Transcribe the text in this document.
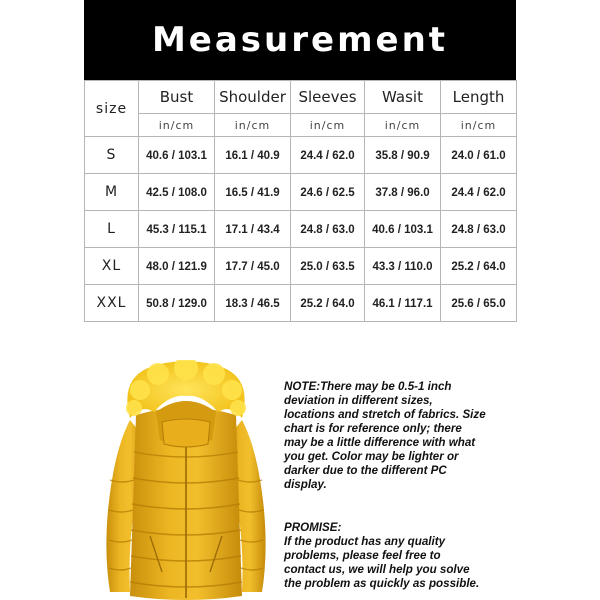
Measurement
size	Bust	Shoulder	Sleeves	Wasit	Length
	in/cm	in/cm	in/cm	in/cm	in/cm
S	40.6 / 103.1	16.1 / 40.9	24.4 / 62.0	35.8 / 90.9	24.0 / 61.0
M	42.5 / 108.0	16.5 / 41.9	24.6 / 62.5	37.8 / 96.0	24.4 / 62.0
L	45.3 / 115.1	17.1 / 43.4	24.8 / 63.0	40.6 / 103.1	24.8 / 63.0
XL	48.0 / 121.9	17.7 / 45.0	25.0 / 63.5	43.3 / 110.0	25.2 / 64.0
XXL	50.8 / 129.0	18.3 / 46.5	25.2 / 64.0	46.1 / 117.1	25.6 / 65.0
NOTE:There may be 0.5-1 inch
deviation in different sizes,
locations and stretch of fabrics. Size
chart is for reference only; there
may be a little difference with what
you get. Color may be lighter or
darker due to the different PC
display.
PROMISE:
If the product has any quality
problems, please feel free to
contact us, we will help you solve
the problem as quickly as possible.
